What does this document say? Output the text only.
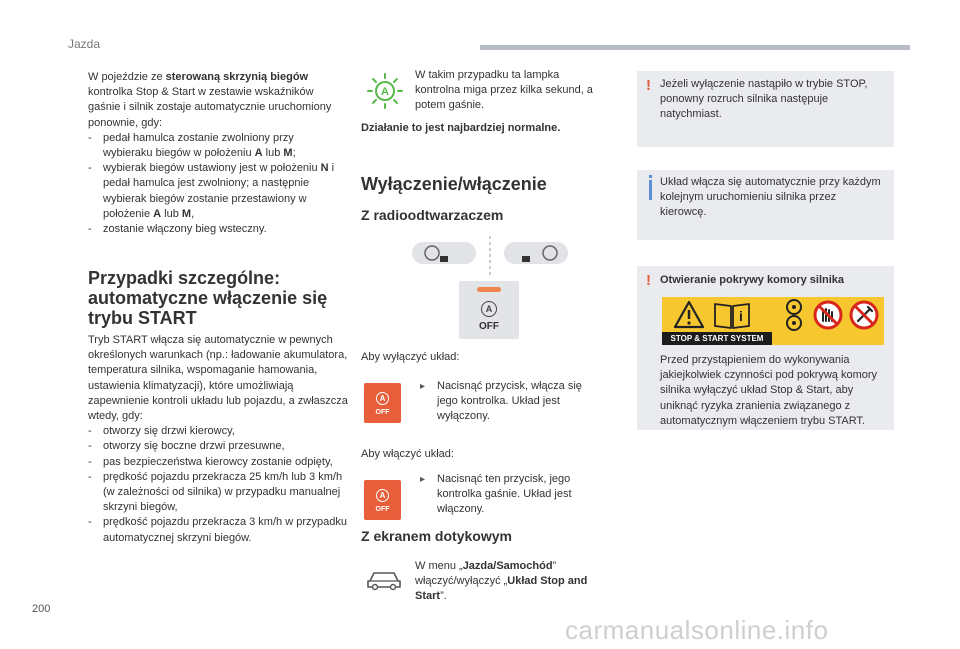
Jazda

W pojeździe ze sterowaną skrzynią biegów kontrolka Stop & Start w zestawie wskaźników gaśnie i silnik zostaje automatycznie uruchomiony ponownie, gdy:

- pedał hamulca zostanie zwolniony przy wybieraku biegów w położeniu A lub M;
- wybierak biegów ustawiony jest w położeniu N i pedał hamulca jest zwolniony; a następnie wybierak biegów zostanie przestawiony w położenie A lub M,
- zostanie włączony bieg wsteczny.
Przypadki szczególne: automatyczne włączenie się trybu START

Tryb START włącza się automatycznie w pewnych określonych warunkach (np.: ładowanie akumulatora, temperatura silnika, wspomaganie hamowania, ustawienia klimatyzacji), które umożliwiają zapewnienie kontroli układu lub pojazdu, a zwłaszcza wtedy, gdy:

- otworzy się drzwi kierowcy,
- otworzy się boczne drzwi przesuwne,
- pas bezpieczeństwa kierowcy zostanie odpięty,
- prędkość pojazdu przekracza 25 km/h lub 3 km/h (w zależności od silnika) w przypadku manualnej skrzyni biegów,
- prędkość pojazdu przekracza 3 km/h w przypadku automatycznej skrzyni biegów.
A

W takim przypadku ta lampka kontrolna miga przez kilka sekund, a potem gaśnie.

Działanie to jest najbardziej normalne.

Wyłączenie/włączenie
Z radioodtwarzaczem
A
OFF

Aby wyłączyć układ:

A
OFF
▸ Nacisnąć przycisk, włącza się jego kontrolka. Układ jest wyłączony.

Aby włączyć układ:

A
OFF
▸ Nacisnąć ten przycisk, jego kontrolka gaśnie. Układ jest włączony.

Z ekranem dotykowym

W menu „Jazda/Samochód” włączyć/wyłączyć „Układ Stop and Start”.

! Jeżeli wyłączenie nastąpiło w trybie STOP, ponowny rozruch silnika następuje natychmiast.

Układ włącza się automatycznie przy każdym kolejnym uruchomieniu silnika przez kierowcę.

! Otwieranie pokrywy komory silnika

i
STOP & START SYSTEM

Przed przystąpieniem do wykonywania jakiejkolwiek czynności pod pokrywą komory silnika wyłączyć układ Stop & Start, aby uniknąć ryzyka zranienia związanego z automatycznym włączeniem trybu START.

200
carmanualsonline.info
